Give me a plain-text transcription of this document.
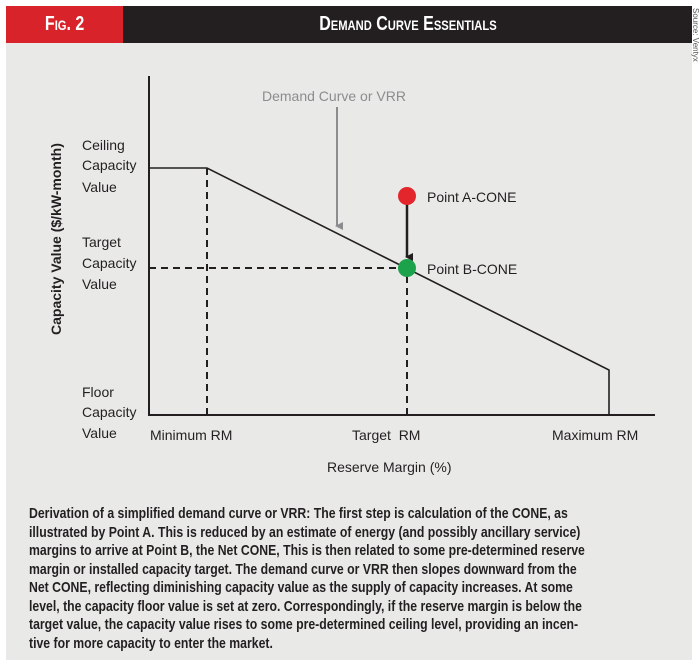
Fig. 2	Demand Curve Essentials	Source: Ventyx
Demand Curve or VRR
Point A-CONE
Point B-CONE
Ceiling
Capacity
Value
Target
Capacity
Value
Floor
Capacity
Value Minimum RM	Target  RM	Maximum RM
Reserve Margin (%)
Capacity Value ($/kW-month)
Derivation of a simplified demand curve or VRR: The first step is calculation of the CONE, as
illustrated by Point A. This is reduced by an estimate of energy (and possibly ancillary service)
margins to arrive at Point B, the Net CONE, This is then related to some pre-determined reserve
margin or installed capacity target. The demand curve or VRR then slopes downward from the
Net CONE, reflecting diminishing capacity value as the supply of capacity increases. At some
level, the capacity floor value is set at zero. Correspondingly, if the reserve margin is below the
target value, the capacity value rises to some pre-determined ceiling level, providing an incen-
tive for more capacity to enter the market.
